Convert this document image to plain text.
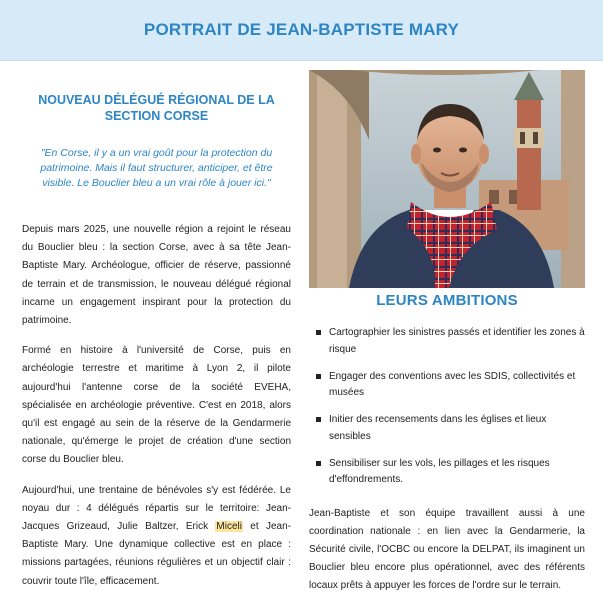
PORTRAIT DE JEAN-BAPTISTE MARY

NOUVEAU DÉLÉGUÉ RÉGIONAL DE LA SECTION CORSE

"En Corse, il y a un vrai goût pour la protection du patrimoine. Mais il faut structurer, anticiper, et être visible. Le Bouclier bleu a un vrai rôle à jouer ici."

Depuis mars 2025, une nouvelle région a rejoint le réseau du Bouclier bleu : la section Corse, avec à sa tête Jean-Baptiste Mary. Archéologue, officier de réserve, passionné de terrain et de transmission, le nouveau délégué régional incarne un engagement inspirant pour la protection du patrimoine.

Formé en histoire à l'université de Corse, puis en archéologie terrestre et maritime à Lyon 2, il pilote aujourd'hui l'antenne corse de la société EVEHA, spécialisée en archéologie préventive. C'est en 2018, alors qu'il est engagé au sein de la réserve de la Gendarmerie nationale, qu'émerge le projet de création d'une section corse du Bouclier bleu.

Aujourd'hui, une trentaine de bénévoles s'y est fédérée. Le noyau dur : 4 délégués répartis sur le territoire: Jean-Jacques Grizeaud, Julie Baltzer, Erick Miceli et Jean-Baptiste Mary. Une dynamique collective est en place : missions partagées, réunions régulières et un objectif clair : couvrir toute l'île, efficacement.

LEURS AMBITIONS
Cartographier les sinistres passés et identifier les zones à risque
Engager des conventions avec les SDIS, collectivités et musées
Initier des recensements dans les églises et lieux sensibles
Sensibiliser sur les vols, les pillages et les risques d'effondrements.

Jean-Baptiste et son équipe travaillent aussi à une coordination nationale : en lien avec la Gendarmerie, la Sécurité civile, l'OCBC ou encore la DELPAT, ils imaginent un Bouclier bleu encore plus opérationnel, avec des référents locaux prêts à appuyer les forces de l'ordre sur le terrain.
